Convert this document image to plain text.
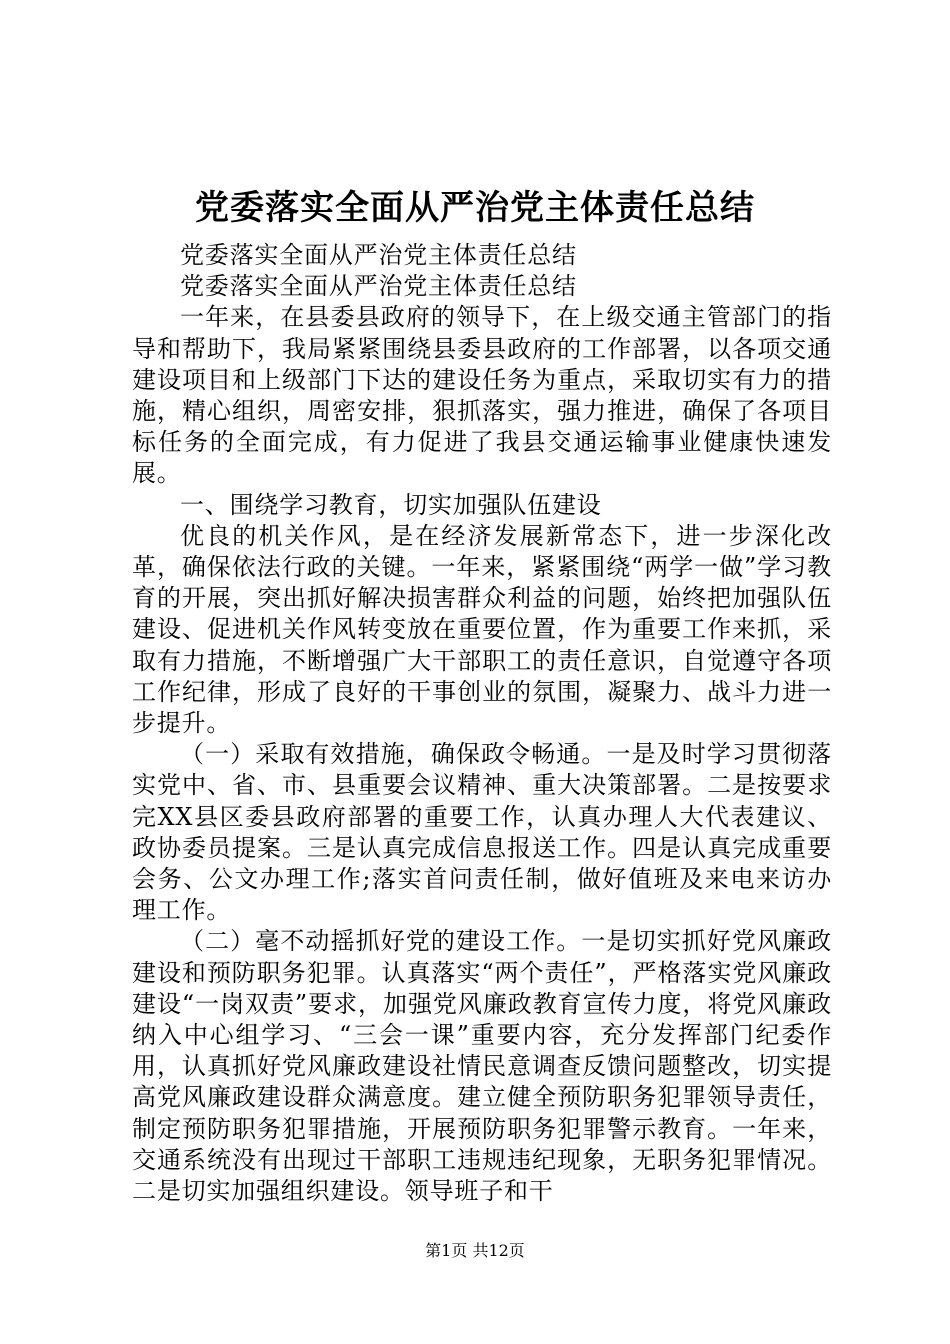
党委落实全面从严治党主体责任总结

党委落实全面从严治党主体责任总结

党委落实全面从严治党主体责任总结

一年来，在县委县政府的领导下，在上级交通主管部门的指导和帮助下，我局紧紧围绕县委县政府的工作部署，以各项交通建设项目和上级部门下达的建设任务为重点，采取切实有力的措施，精心组织，周密安排，狠抓落实，强力推进，确保了各项目标任务的全面完成，有力促进了我县交通运输事业健康快速发展。

一、围绕学习教育，切实加强队伍建设

优良的机关作风，是在经济发展新常态下，进一步深化改革，确保依法行政的关键。一年来，紧紧围绕“两学一做”学习教育的开展，突出抓好解决损害群众利益的问题，始终把加强队伍建设、促进机关作风转变放在重要位置，作为重要工作来抓，采取有力措施，不断增强广大干部职工的责任意识，自觉遵守各项工作纪律，形成了良好的干事创业的氛围，凝聚力、战斗力进一步提升。

（一）采取有效措施，确保政令畅通。一是及时学习贯彻落实党中、省、市、县重要会议精神、重大决策部署。二是按要求完XX县区委县政府部署的重要工作，认真办理人大代表建议、政协委员提案。三是认真完成信息报送工作。四是认真完成重要会务、公文办理工作;落实首问责任制，做好值班及来电来访办理工作。

（二）毫不动摇抓好党的建设工作。一是切实抓好党风廉政建设和预防职务犯罪。认真落实“两个责任”，严格落实党风廉政建设“一岗双责”要求，加强党风廉政教育宣传力度，将党风廉政纳入中心组学习、“三会一课”重要内容，充分发挥部门纪委作用，认真抓好党风廉政建设社情民意调查反馈问题整改，切实提高党风廉政建设群众满意度。建立健全预防职务犯罪领导责任，制定预防职务犯罪措施，开展预防职务犯罪警示教育。一年来，交通系统没有出现过干部职工违规违纪现象，无职务犯罪情况。二是切实加强组织建设。领导班子和干

第1页 共12页
